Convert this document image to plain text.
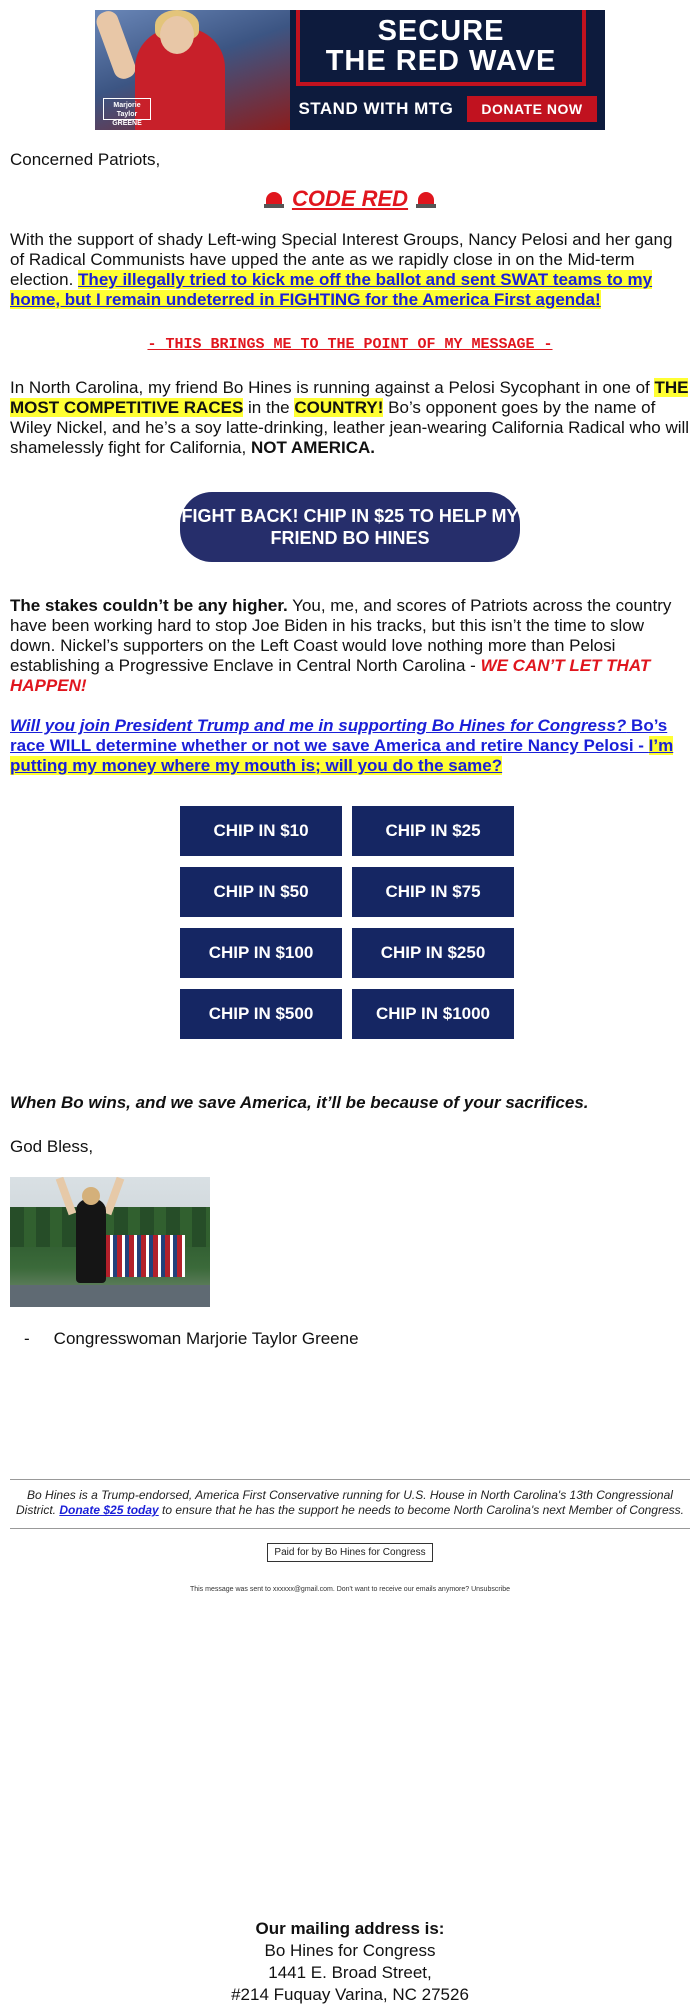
Marjorie Taylor GREENE
SECURE
THE RED WAVE
STAND WITH MTG	DONATE NOW

Concerned Patriots,

CODE RED

With the support of shady Left-wing Special Interest Groups, Nancy Pelosi and her gang of Radical Communists have upped the ante as we rapidly close in on the Mid-term election. They illegally tried to kick me off the ballot and sent SWAT teams to my home, but I remain undeterred in FIGHTING for the America First agenda!

- THIS BRINGS ME TO THE POINT OF MY MESSAGE -

In North Carolina, my friend Bo Hines is running against a Pelosi Sycophant in one of THE MOST COMPETITIVE RACES in the COUNTRY! Bo’s opponent goes by the name of Wiley Nickel, and he’s a soy latte-drinking, leather jean-wearing California Radical who will shamelessly fight for California, NOT AMERICA.

FIGHT BACK! CHIP IN $25 TO HELP MY FRIEND BO HINES

The stakes couldn’t be any higher. You, me, and scores of Patriots across the country have been working hard to stop Joe Biden in his tracks, but this isn’t the time to slow down. Nickel’s supporters on the Left Coast would love nothing more than Pelosi establishing a Progressive Enclave in Central North Carolina - WE CAN’T LET THAT HAPPEN!

Will you join President Trump and me in supporting Bo Hines for Congress? Bo’s race WILL determine whether or not we save America and retire Nancy Pelosi - I’m putting my money where my mouth is; will you do the same?

CHIP IN $10	CHIP IN $25
CHIP IN $50	CHIP IN $75
CHIP IN $100	CHIP IN $250
CHIP IN $500	CHIP IN $1000

When Bo wins, and we save America, it’ll be because of your sacrifices.

God Bless,

- Congresswoman Marjorie Taylor Greene
Bo Hines is a Trump-endorsed, America First Conservative running for U.S. House in North Carolina's 13th Congressional District. Donate $25 today to ensure that he has the support he needs to become North Carolina's next Member of Congress.
Paid for by Bo Hines for Congress
This message was sent to xxxxxx@gmail.com. Don't want to receive our emails anymore? Unsubscribe
Our mailing address is:
Bo Hines for Congress
1441 E. Broad Street,
#214 Fuquay Varina, NC 27526
